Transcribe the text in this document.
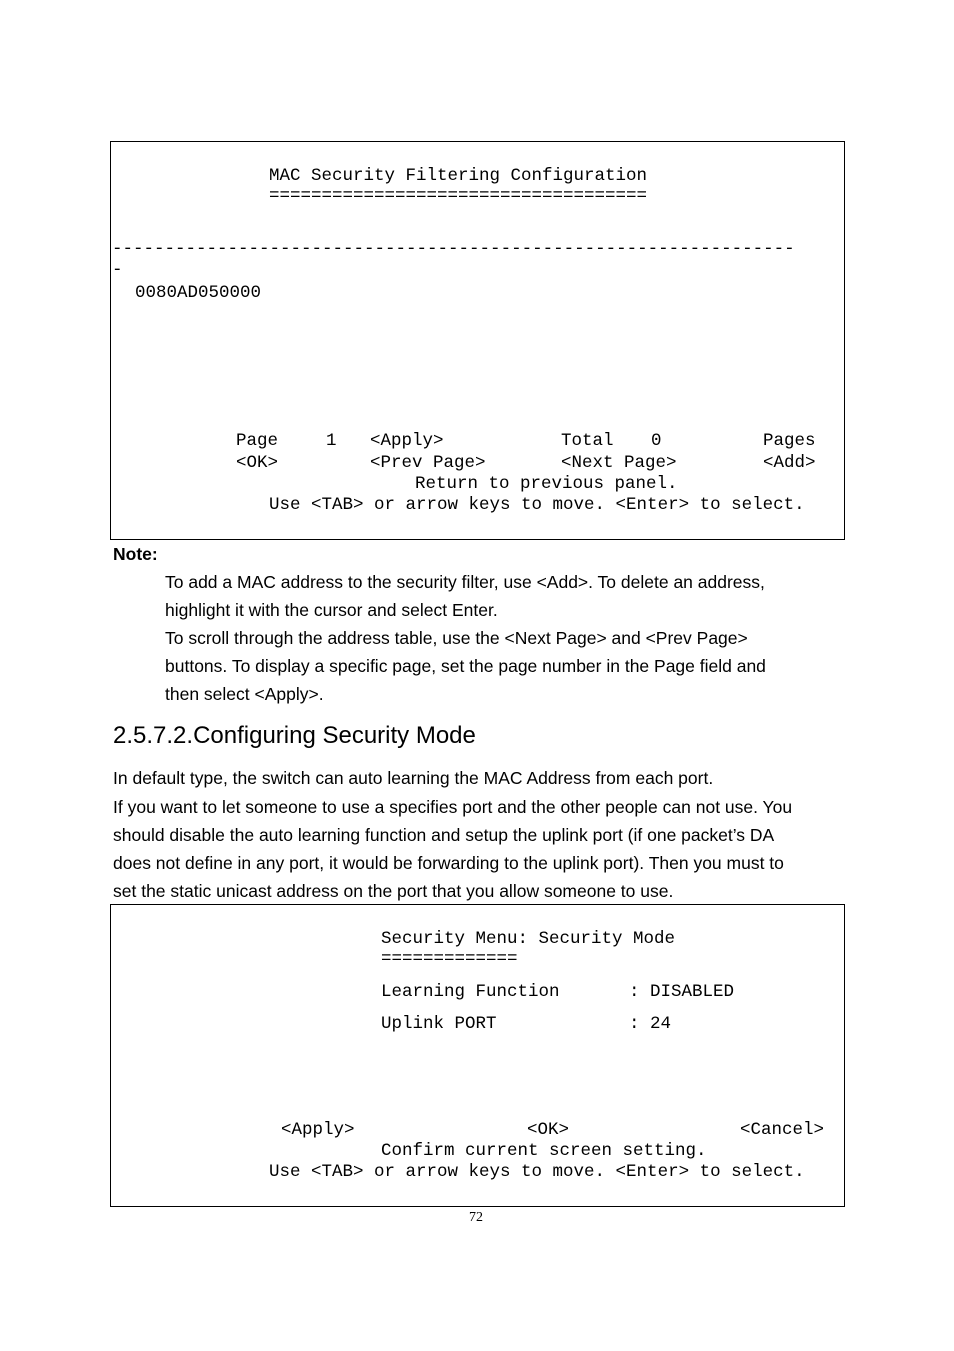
MAC Security Filtering Configuration
====================================
-----------------------------------------------------------------
-
0080AD050000
Page	1 <Apply>	Total 0	Pages
<OK>	<Prev Page>	<Next Page>	<Add>
Return to previous panel.
Use <TAB> or arrow keys to move. <Enter> to select.
Note:
To add a MAC address to the security filter, use <Add>. To delete an address,
highlight it with the cursor and select Enter.
To scroll through the address table, use the <Next Page> and <Prev Page>
buttons. To display a specific page, set the page number in the Page field and
then select <Apply>.
2.5.7.2.Configuring Security Mode
In default type, the switch can auto learning the MAC Address from each port.
If you want to let someone to use a specifies port and the other people can not use. You
should disable the auto learning function and setup the uplink port (if one packet’s DA
does not define in any port, it would be forwarding to the uplink port). Then you must to
set the static unicast address on the port that you allow someone to use.
Security Menu: Security Mode
=============
Learning Function	: DISABLED
Uplink PORT	: 24
<Apply>	<OK>	<Cancel>
Confirm current screen setting.
Use <TAB> or arrow keys to move. <Enter> to select.
72
